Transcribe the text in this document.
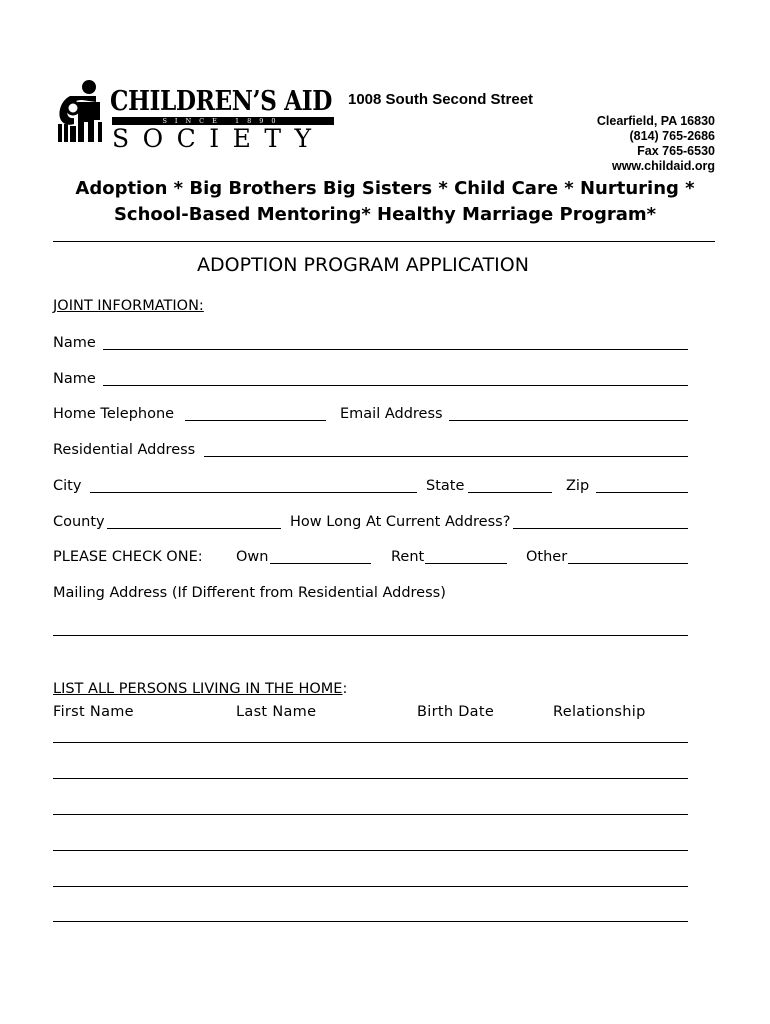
CHILDREN’S AID
SINCE 1890
SOCIETY
1008 South Second Street
Clearfield, PA 16830
(814) 765-2686
Fax 765-6530
www.childaid.org
Adoption * Big Brothers Big Sisters * Child Care * Nurturing *
School-Based Mentoring* Healthy Marriage Program*
ADOPTION PROGRAM APPLICATION
JOINT INFORMATION:
Name
Name
Home Telephone	Email Address
Residential Address
City	State	Zip
County	How Long At Current Address?
PLEASE CHECK ONE: Own	Rent	Other
Mailing Address (If Different from Residential Address)
LIST ALL PERSONS LIVING IN THE HOME:
First Name	Last Name	Birth Date	Relationship
